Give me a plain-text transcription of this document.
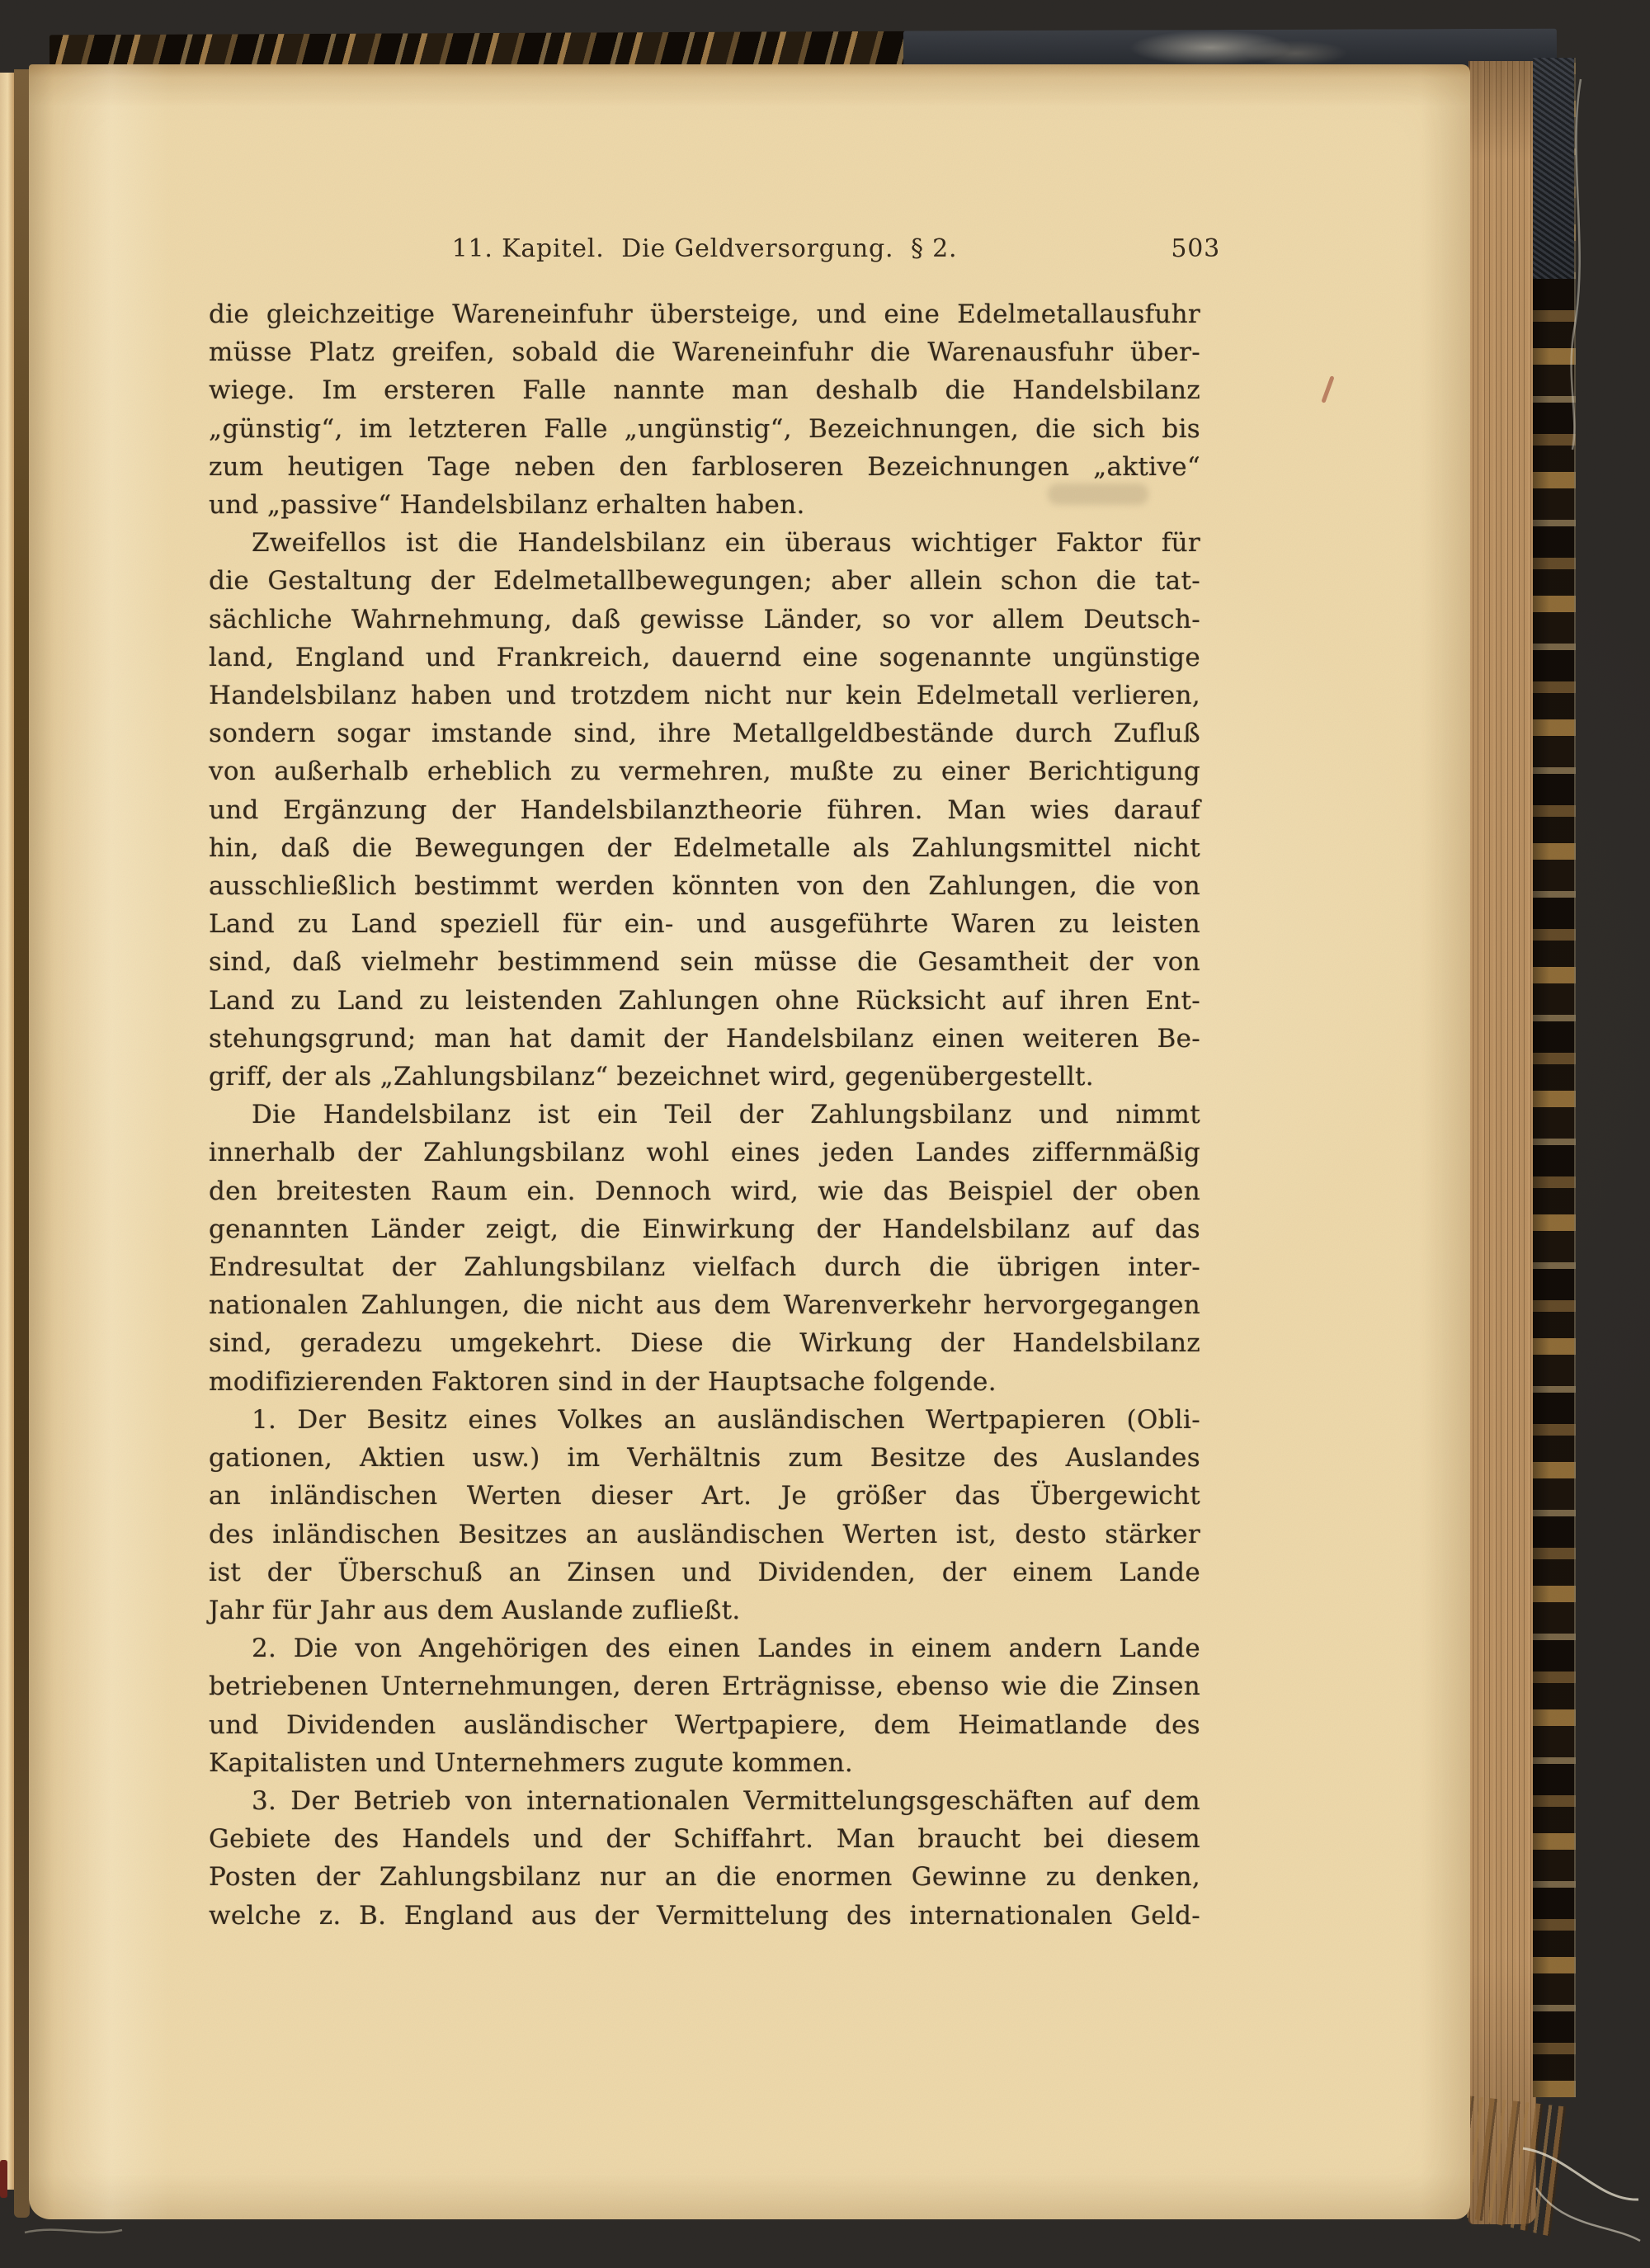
11. Kapitel.  Die Geldversorgung.  § 2.	503
die gleichzeitige Wareneinfuhr übersteige, und eine Edelmetallausfuhr
müsse Platz greifen, sobald die Wareneinfuhr die Warenausfuhr über-
wiege. Im ersteren Falle nannte man deshalb die Handelsbilanz
„günstig“, im letzteren Falle „ungünstig“, Bezeichnungen, die sich bis
zum heutigen Tage neben den farbloseren Bezeichnungen „aktive“
und „passive“ Handelsbilanz erhalten haben.
Zweifellos ist die Handelsbilanz ein überaus wichtiger Faktor für
die Gestaltung der Edelmetallbewegungen; aber allein schon die tat-
sächliche Wahrnehmung, daß gewisse Länder, so vor allem Deutsch-
land, England und Frankreich, dauernd eine sogenannte ungünstige
Handelsbilanz haben und trotzdem nicht nur kein Edelmetall verlieren,
sondern sogar imstande sind, ihre Metallgeldbestände durch Zufluß
von außerhalb erheblich zu vermehren, mußte zu einer Berichtigung
und Ergänzung der Handelsbilanztheorie führen. Man wies darauf
hin, daß die Bewegungen der Edelmetalle als Zahlungsmittel nicht
ausschließlich bestimmt werden könnten von den Zahlungen, die von
Land zu Land speziell für ein- und ausgeführte Waren zu leisten
sind, daß vielmehr bestimmend sein müsse die Gesamtheit der von
Land zu Land zu leistenden Zahlungen ohne Rücksicht auf ihren Ent-
stehungsgrund; man hat damit der Handelsbilanz einen weiteren Be-
griff, der als „Zahlungsbilanz“ bezeichnet wird, gegenübergestellt.
Die Handelsbilanz ist ein Teil der Zahlungsbilanz und nimmt
innerhalb der Zahlungsbilanz wohl eines jeden Landes ziffernmäßig
den breitesten Raum ein. Dennoch wird, wie das Beispiel der oben
genannten Länder zeigt, die Einwirkung der Handelsbilanz auf das
Endresultat der Zahlungsbilanz vielfach durch die übrigen inter-
nationalen Zahlungen, die nicht aus dem Warenverkehr hervorgegangen
sind, geradezu umgekehrt. Diese die Wirkung der Handelsbilanz
modifizierenden Faktoren sind in der Hauptsache folgende.
1. Der Besitz eines Volkes an ausländischen Wertpapieren (Obli-
gationen, Aktien usw.) im Verhältnis zum Besitze des Auslandes
an inländischen Werten dieser Art. Je größer das Übergewicht
des inländischen Besitzes an ausländischen Werten ist, desto stärker
ist der Überschuß an Zinsen und Dividenden, der einem Lande
Jahr für Jahr aus dem Auslande zufließt.
2. Die von Angehörigen des einen Landes in einem andern Lande
betriebenen Unternehmungen, deren Erträgnisse, ebenso wie die Zinsen
und Dividenden ausländischer Wertpapiere, dem Heimatlande des
Kapitalisten und Unternehmers zugute kommen.
3. Der Betrieb von internationalen Vermittelungsgeschäften auf dem
Gebiete des Handels und der Schiffahrt. Man braucht bei diesem
Posten der Zahlungsbilanz nur an die enormen Gewinne zu denken,
welche z. B. England aus der Vermittelung des internationalen Geld-
